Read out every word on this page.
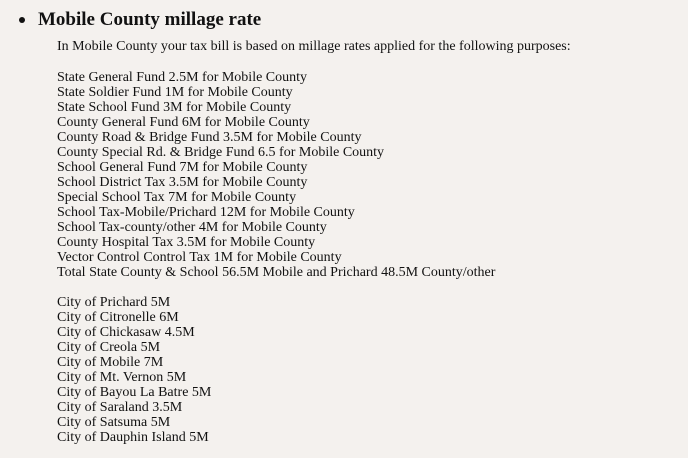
Mobile County millage rate

In Mobile County your tax bill is based on millage rates applied for the following purposes:

State General Fund 2.5M for Mobile County
State Soldier Fund 1M for Mobile County
State School Fund 3M for Mobile County
County General Fund 6M for Mobile County
County Road & Bridge Fund 3.5M for Mobile County
County Special Rd. & Bridge Fund 6.5 for Mobile County
School General Fund 7M for Mobile County
School District Tax 3.5M for Mobile County
Special School Tax 7M for Mobile County
School Tax-Mobile/Prichard 12M for Mobile County
School Tax-county/other 4M for Mobile County
County Hospital Tax 3.5M for Mobile County
Vector Control Control Tax 1M for Mobile County
Total State County & School 56.5M Mobile and Prichard 48.5M County/other
City of Prichard 5M
City of Citronelle 6M
City of Chickasaw 4.5M
City of Creola 5M
City of Mobile 7M
City of Mt. Vernon 5M
City of Bayou La Batre 5M
City of Saraland 3.5M
City of Satsuma 5M
City of Dauphin Island 5M
